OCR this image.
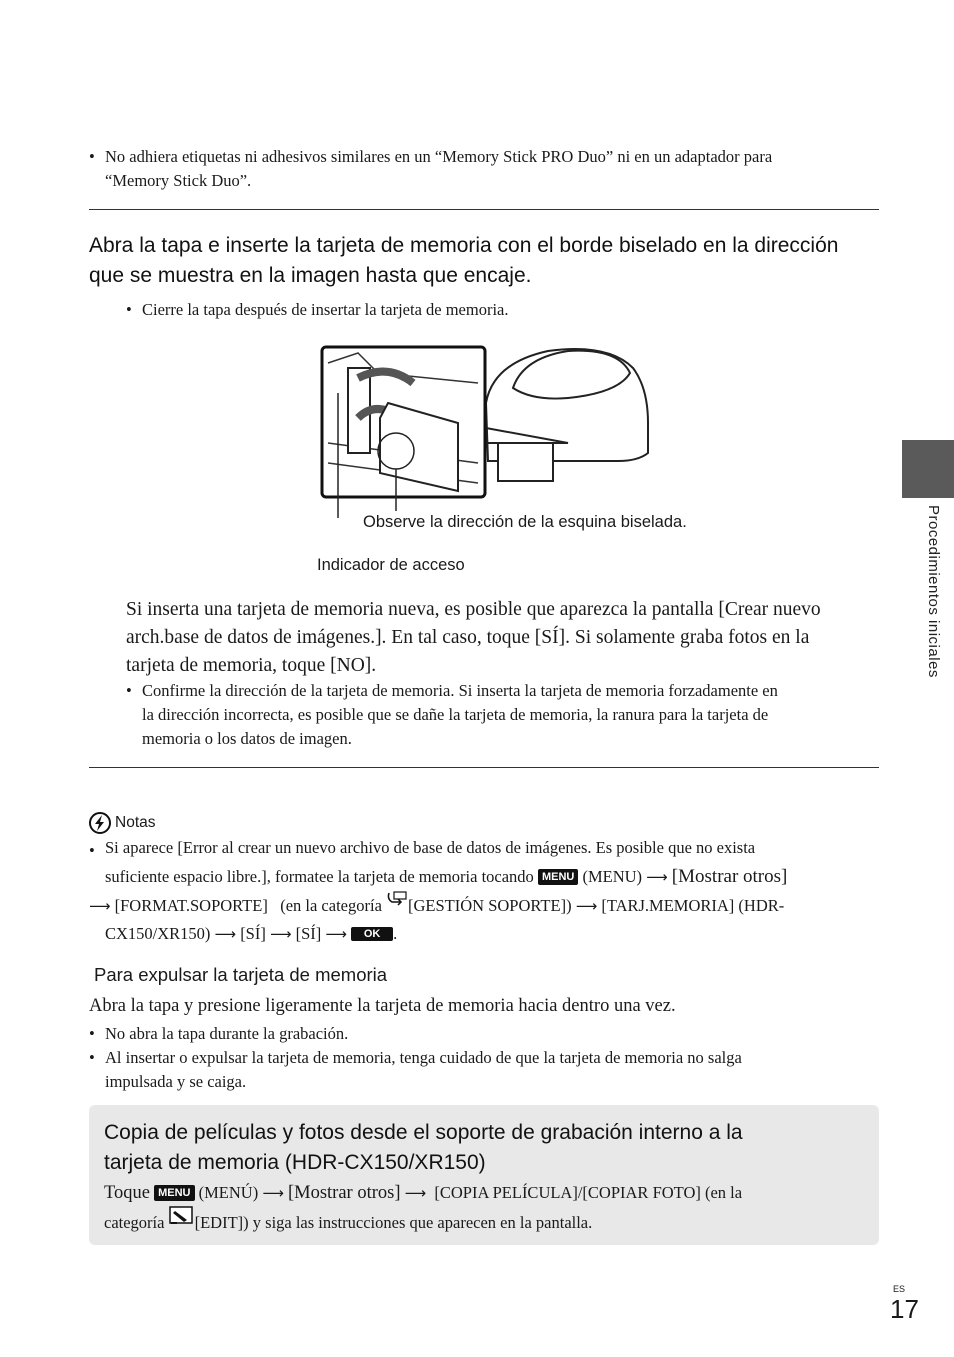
• No adhiera etiquetas ni adhesivos similares en un “Memory Stick PRO Duo” ni en un adaptador para
“Memory Stick Duo”.
Abra la tapa e inserte la tarjeta de memoria con el borde biselado en la dirección
que se muestra en la imagen hasta que encaje.
• Cierre la tapa después de insertar la tarjeta de memoria.
Observe la dirección de la esquina biselada.
Indicador de acceso
Si inserta una tarjeta de memoria nueva, es posible que aparezca la pantalla [Crear nuevo
arch.base de datos de imágenes.]. En tal caso, toque [SÍ]. Si solamente graba fotos en la
tarjeta de memoria, toque [NO].
• Confirme la dirección de la tarjeta de memoria. Si inserta la tarjeta de memoria forzadamente en
la dirección incorrecta, es posible que se dañe la tarjeta de memoria, la ranura para la tarjeta de
memoria o los datos de imagen.
Notas
• Si aparece [Error al crear un nuevo archivo de base de datos de imágenes. Es posible que no exista
suficiente espacio libre.], formatee la tarjeta de memoria tocando MENU (MENU) ⟶ [Mostrar otros]
⟶ [FORMAT.SOPORTE] (en la categoría [GESTIÓN SOPORTE]) ⟶ [TARJ.MEMORIA] (HDR-
CX150/XR150) ⟶ [SÍ] ⟶ [SÍ] ⟶ OK .
Para expulsar la tarjeta de memoria
Abra la tapa y presione ligeramente la tarjeta de memoria hacia dentro una vez.
• No abra la tapa durante la grabación.
• Al insertar o expulsar la tarjeta de memoria, tenga cuidado de que la tarjeta de memoria no salga
impulsada y se caiga.
Copia de películas y fotos desde el soporte de grabación interno a la
tarjeta de memoria (HDR-CX150/XR150)
Toque MENU (MENÚ) ⟶ [Mostrar otros] ⟶ [COPIA PELÍCULA]/[COPIAR FOTO] (en la
categoría [EDIT]) y siga las instrucciones que aparecen en la pantalla.
Procedimientos iniciales
ES
17
